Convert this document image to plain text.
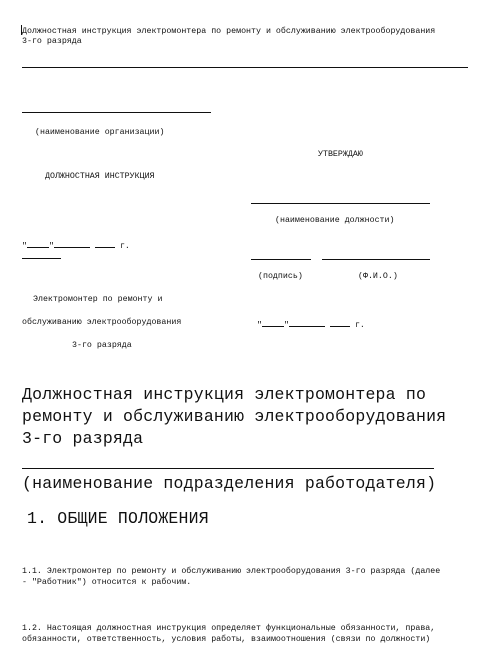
Должностная инструкция электромонтера по ремонту и обслуживанию электрооборудования
3-го разряда
(наименование организации)
ДОЛЖНОСТНАЯ ИНСТРУКЦИЯ
"	"	г.
УТВЕРЖДАЮ
(наименование должности)
(подпись)	(Ф.И.О.)
"	"	г.
Электромонтер по ремонту и
обслуживанию электрооборудования
3-го разряда
Должностная инструкция электромонтера по
ремонту и обслуживанию электрооборудования
3-го разряда
(наименование подразделения работодателя)
1. ОБЩИЕ ПОЛОЖЕНИЯ
1.1. Электромонтер по ремонту и обслуживанию электрооборудования 3-го разряда (далее
- "Работник") относится к рабочим.
1.2. Настоящая должностная инструкция определяет функциональные обязанности, права,
обязанности, ответственность, условия работы, взаимоотношения (связи по должности)
